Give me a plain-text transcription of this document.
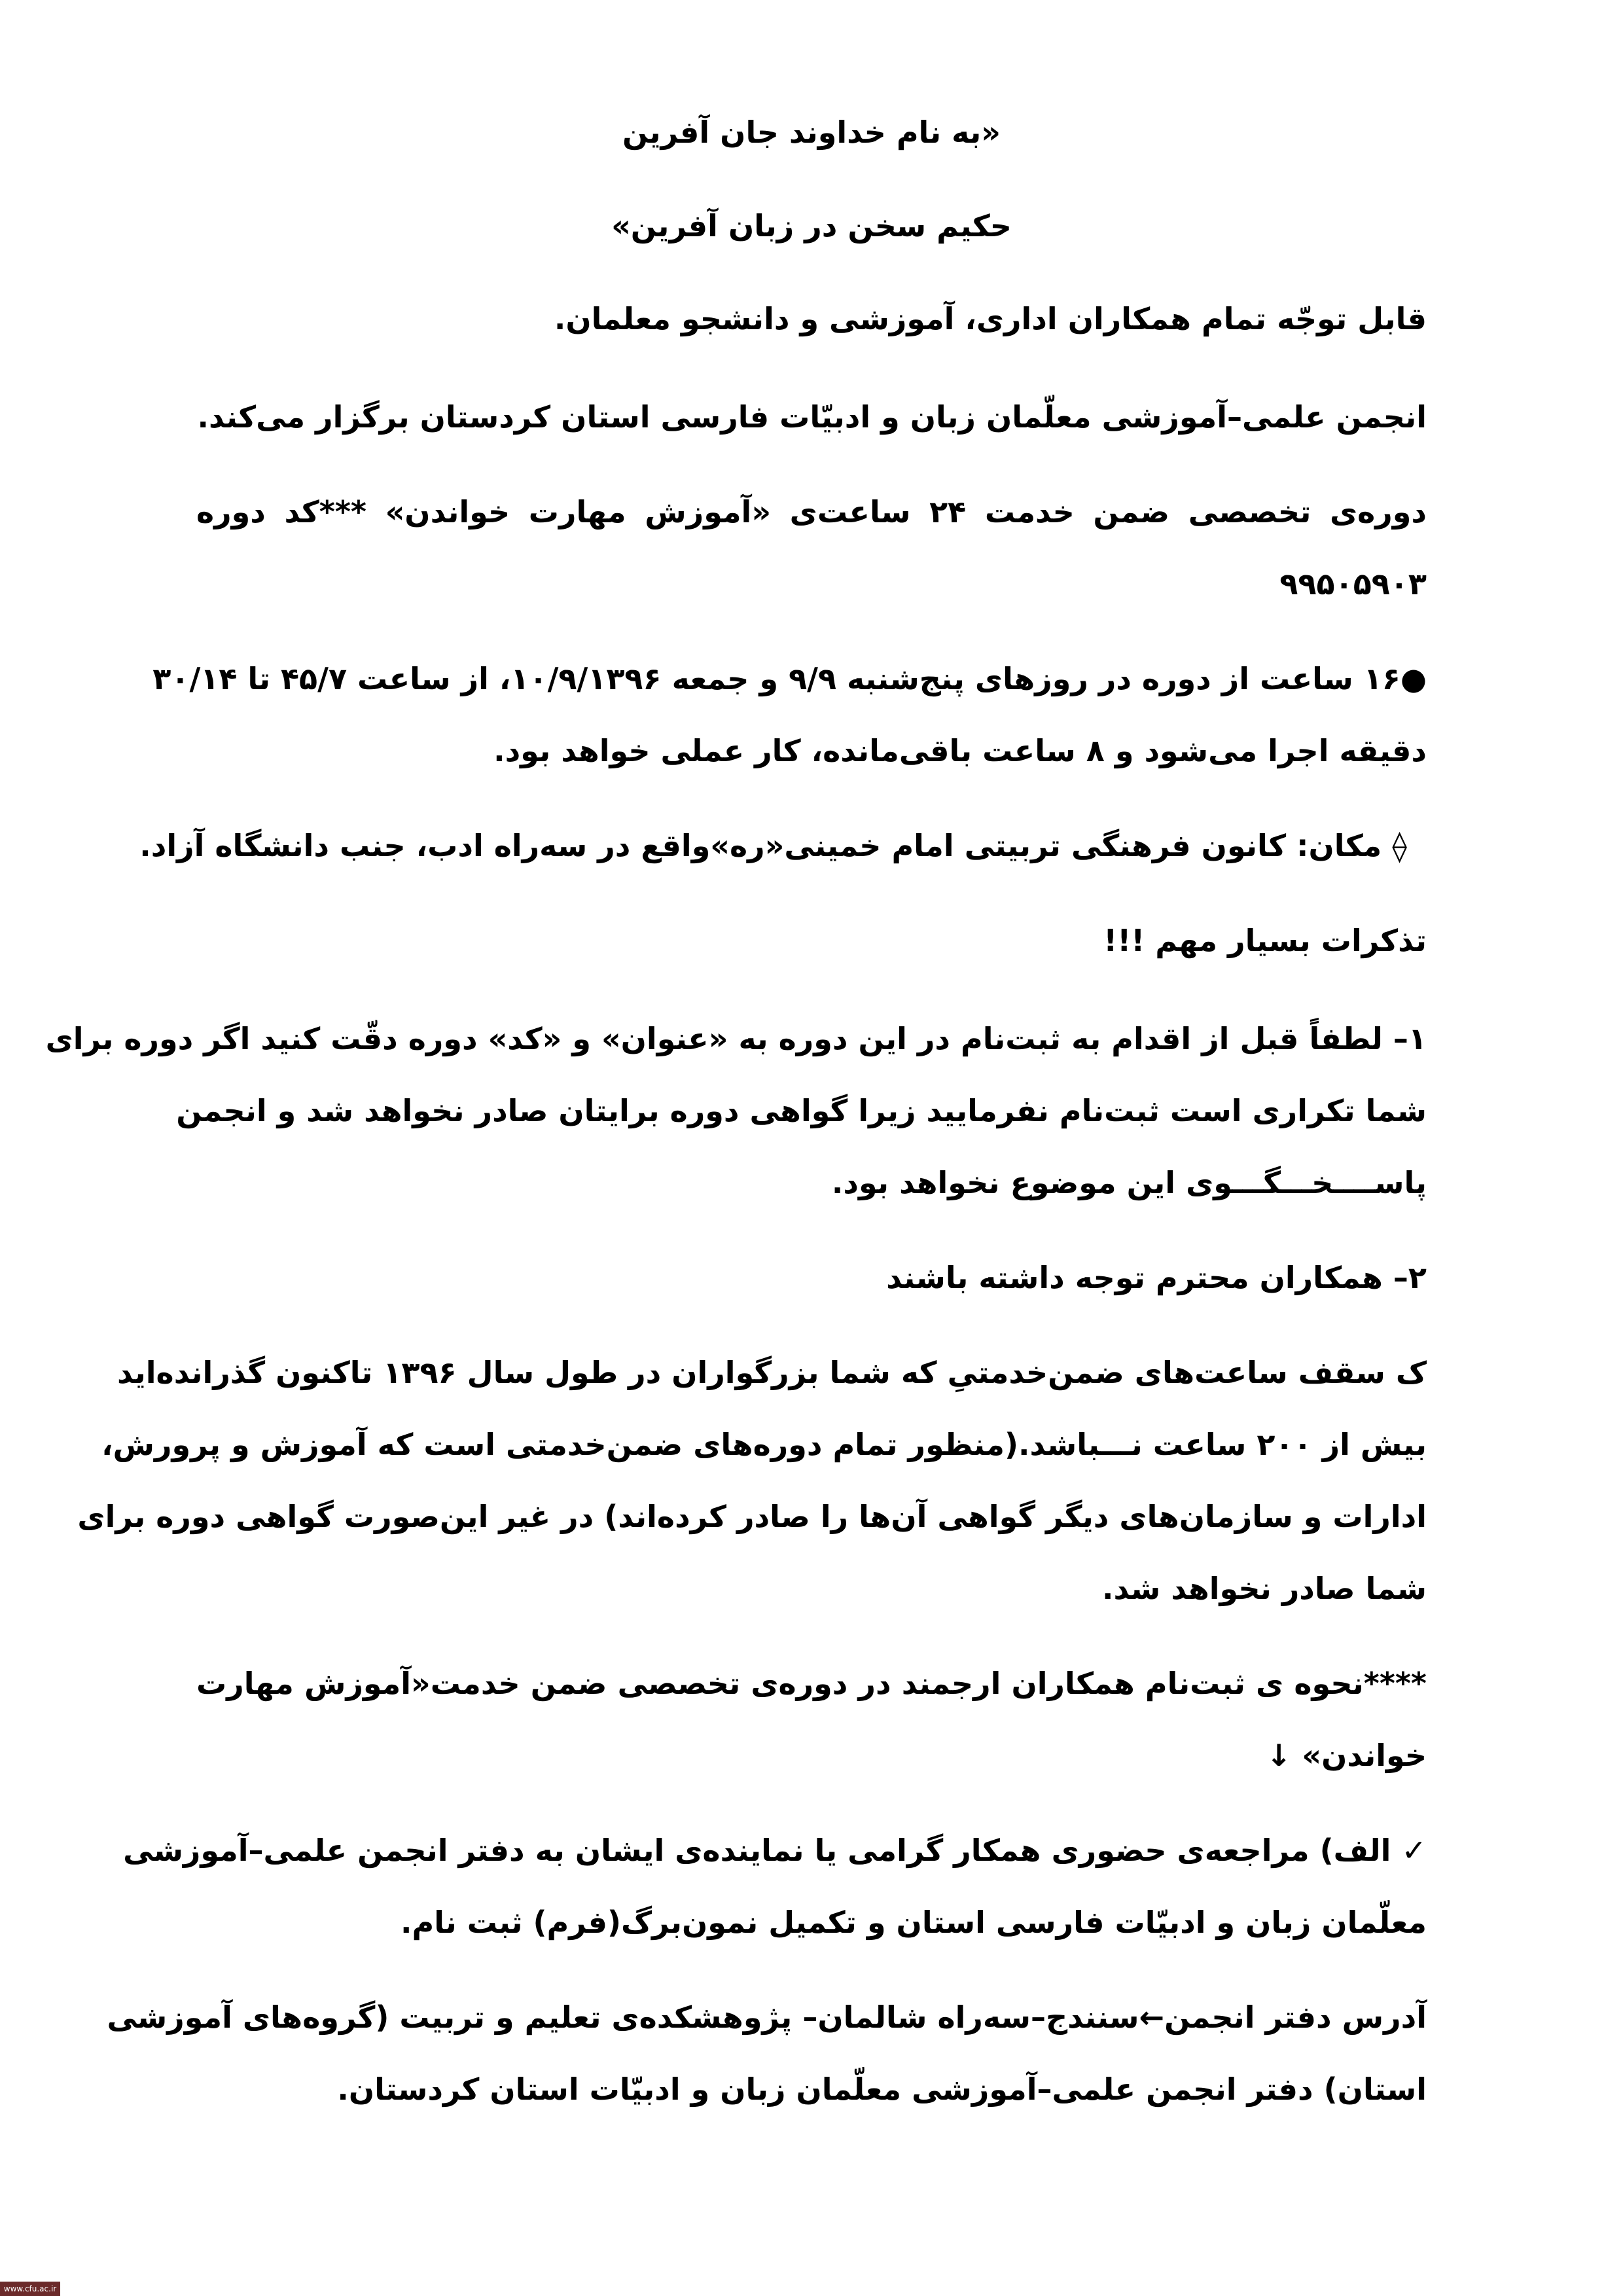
«به نام خداوند جان آفرین
حکیم سخن در زبان آفرین»
قابل توجّه تمام همکاران اداری، آموزشی و دانشجو معلمان.
انجمن علمی–آموزشی معلّمان زبان و ادبیّات فارسی استان کردستان برگزار می‌کند.
دوره‌ی تخصصی ضمن خدمت ۲۴ ساعت‌ی «آموزش مهارت خواندن» ***کد دوره
۹۹۵۰۵۹۰۳
●۱۶ ساعت از دوره در روزهای پنج‌شنبه ۹/۹ و جمعه ۱۰/۹/۱۳۹۶، از ساعت ۴۵/۷ تا ۳۰/۱۴
دقیقه اجرا می‌شود و ۸ ساعت باقی‌مانده، کار عملی خواهد بود.
⟠ مکان: کانون فرهنگی تربیتی امام خمینی«ره»واقع در سه‌راه ادب، جنب دانشگاه آزاد.
تذکرات بسیار مهم !!!
۱– لطفاً قبل از اقدام به ثبت‌نام در این دوره به «عنوان» و «کد» دوره دقّت کنید اگر دوره برای
شما تکراری است ثبت‌نام نفرمایید زیرا گواهی دوره برایتان صادر نخواهد شد و انجمن
پاســــخـــگـــوی این موضوع نخواهد بود.
۲– همکاران محترم توجه داشته باشند
ک‌ سقف ساعت‌های ضمن‌خدمتیِ که شما بزرگواران در طول سال ۱۳۹۶ تاکنون گذرانده‌اید
بیش از ۲۰۰ ساعت نـــباشد.(منظور تمام دوره‌های ضمن‌خدمتی است که آموزش و پرورش،
ادارات و سازمان‌های دیگر گواهی آن‌ها را صادر کرده‌اند) در غیر این‌صورت گواهی دوره برای
شما صادر نخواهد شد.
****نحوه ی ثبت‌نام همکاران ارجمند در دوره‌ی تخصصی ضمن خدمت«آموزش مهارت
خواندن» ↓
✓ الف) مراجعه‌ی حضوری همکار گرامی یا نماینده‌ی ایشان به دفتر انجمن علمی–آموزشی
معلّمان زبان و ادبیّات فارسی استان و تکمیل نمون‌برگ(فرم) ثبت نام.
آدرس دفتر انجمن←سنندج–سه‌راه شالمان– پژوهشکده‌ی تعلیم و تربیت (گروه‌های آموزشی
استان) دفتر انجمن علمی–آموزشی معلّمان زبان و ادبیّات استان کردستان.
www.cfu.ac.ir
